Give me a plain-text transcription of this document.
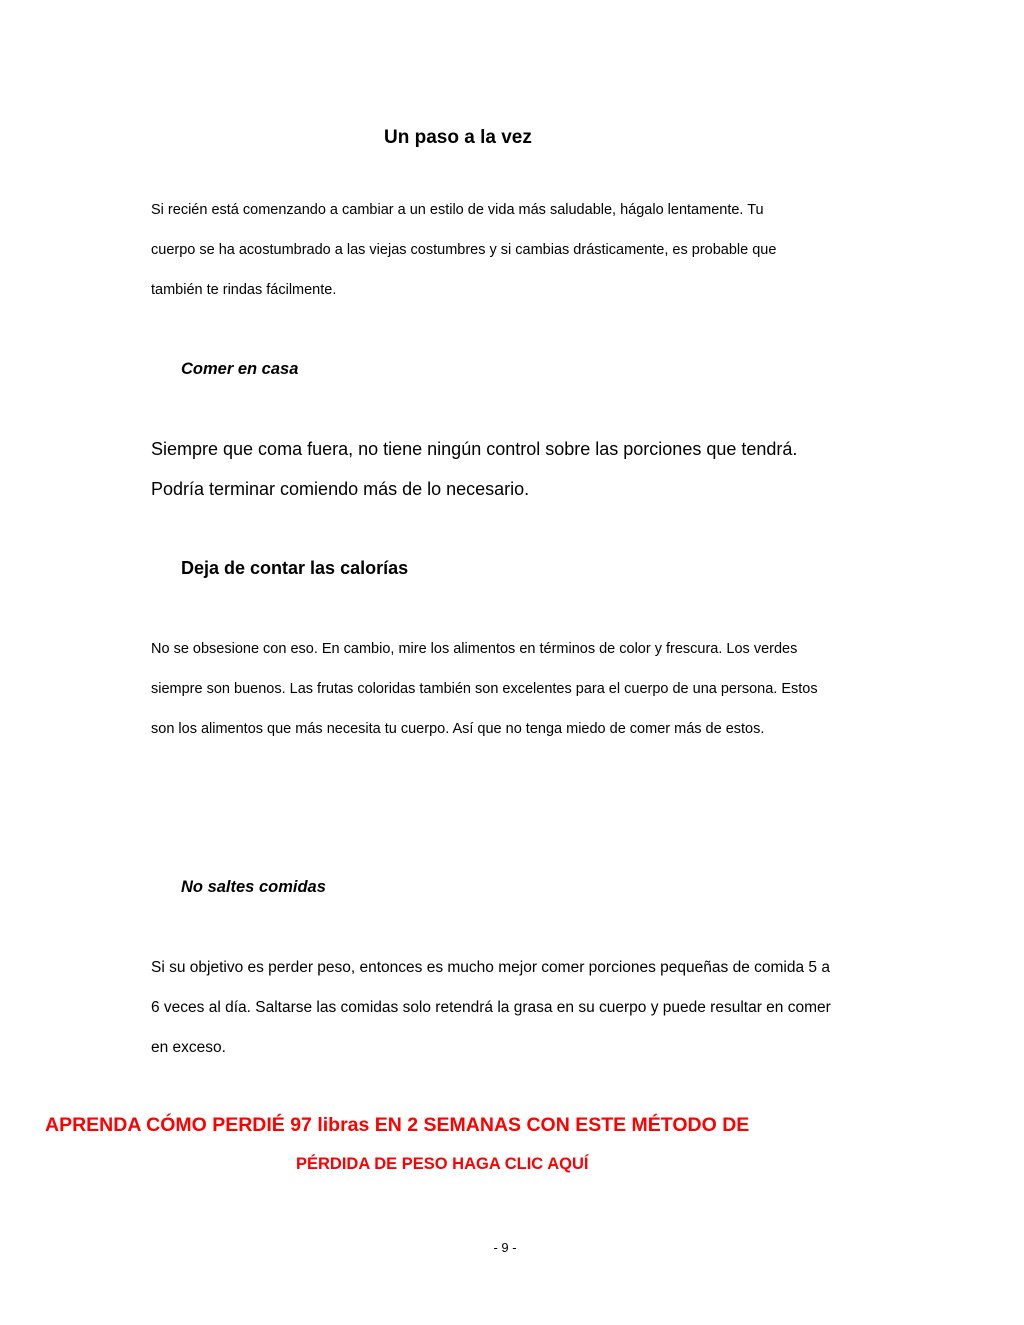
Un paso a la vez
Si recién está comenzando a cambiar a un estilo de vida más saludable, hágalo lentamente. Tu
cuerpo se ha acostumbrado a las viejas costumbres y si cambias drásticamente, es probable que
también te rindas fácilmente.
Comer en casa
Siempre que coma fuera, no tiene ningún control sobre las porciones que tendrá.
Podría terminar comiendo más de lo necesario.
Deja de contar las calorías
No se obsesione con eso. En cambio, mire los alimentos en términos de color y frescura. Los verdes
siempre son buenos. Las frutas coloridas también son excelentes para el cuerpo de una persona. Estos
son los alimentos que más necesita tu cuerpo. Así que no tenga miedo de comer más de estos.
No saltes comidas
Si su objetivo es perder peso, entonces es mucho mejor comer porciones pequeñas de comida 5 a
6 veces al día. Saltarse las comidas solo retendrá la grasa en su cuerpo y puede resultar en comer
en exceso.
APRENDA CÓMO PERDIÉ 97 libras EN 2 SEMANAS CON ESTE MÉTODO DE
PÉRDIDA DE PESO HAGA CLIC AQUÍ
- 9 -
